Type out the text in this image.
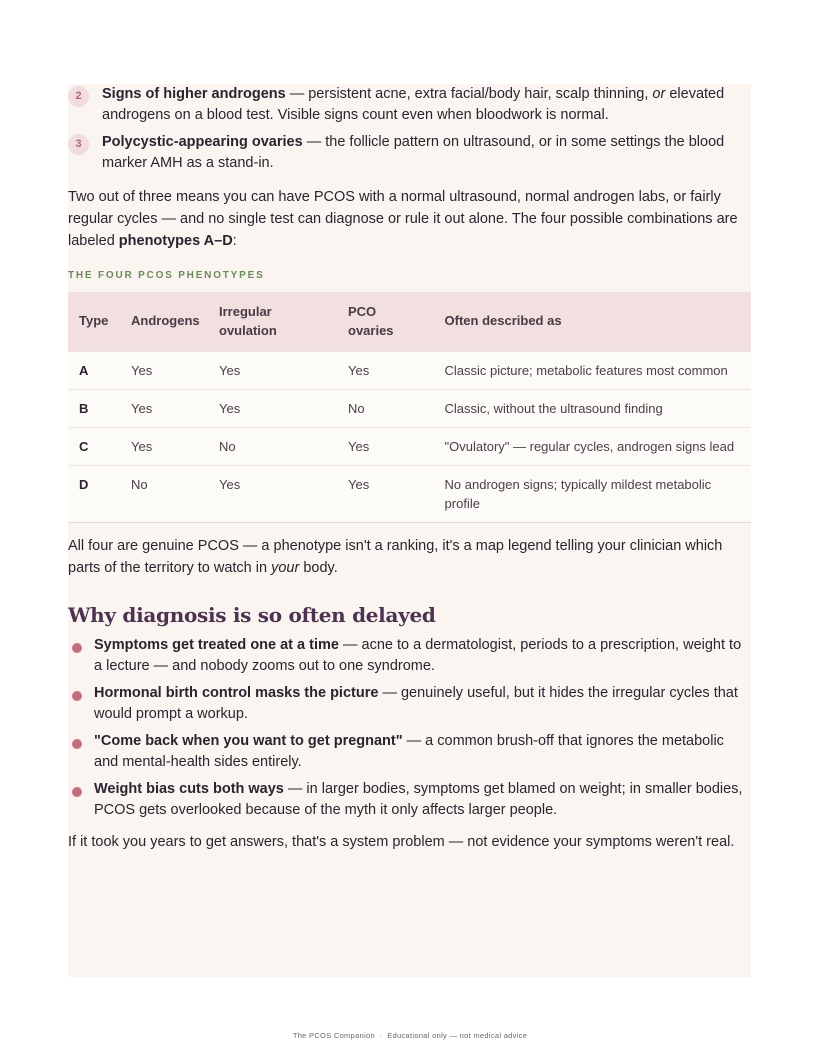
2	Signs of higher androgens — persistent acne, extra facial/body hair, scalp thinning, or elevated androgens on a blood test. Visible signs count even when bloodwork is normal.
3	Polycystic-appearing ovaries — the follicle pattern on ultrasound, or in some settings the blood marker AMH as a stand-in.

Two out of three means you can have PCOS with a normal ultrasound, normal androgen labs, or fairly regular cycles — and no single test can diagnose or rule it out alone. The four possible combinations are labeled phenotypes A–D:

THE FOUR PCOS PHENOTYPES
Type	Androgens	Irregular ovulation	PCO ovaries	Often described as
A	Yes	Yes	Yes	Classic picture; metabolic features most common
B	Yes	Yes	No	Classic, without the ultrasound finding
C	Yes	No	Yes	"Ovulatory" — regular cycles, androgen signs lead
D	No	Yes	Yes	No androgen signs; typically mildest metabolic profile

All four are genuine PCOS — a phenotype isn't a ranking, it's a map legend telling your clinician which parts of the territory to watch in your body.

Why diagnosis is so often delayed
Symptoms get treated one at a time — acne to a dermatologist, periods to a prescription, weight to a lecture — and nobody zooms out to one syndrome.
Hormonal birth control masks the picture — genuinely useful, but it hides the irregular cycles that would prompt a workup.
"Come back when you want to get pregnant" — a common brush-off that ignores the metabolic and mental-health sides entirely.
Weight bias cuts both ways — in larger bodies, symptoms get blamed on weight; in smaller bodies, PCOS gets overlooked because of the myth it only affects larger people.

If it took you years to get answers, that's a system problem — not evidence your symptoms weren't real.

The PCOS Companion  ·  Educational only — not medical advice
